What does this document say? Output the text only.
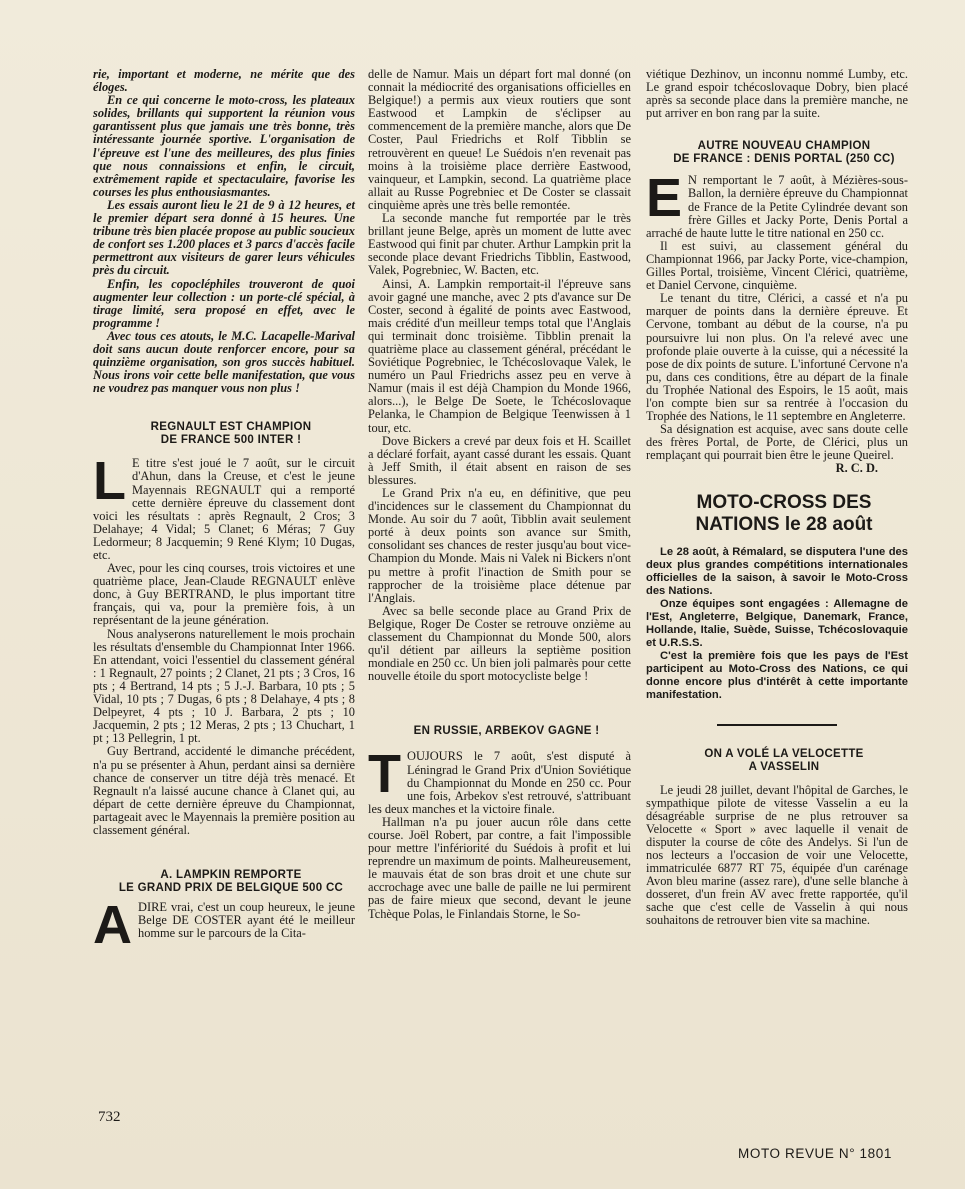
rie, important et moderne, ne mérite que des éloges.

En ce qui concerne le moto-cross, les plateaux solides, brillants qui supportent la réunion vous garantissent plus que jamais une très bonne, très intéressante journée sportive. L'organisation de l'épreuve est l'une des meilleures, des plus finies que nous connaissions et enfin, le circuit, extrêmement rapide et spectaculaire, favorise les courses les plus enthousiasmantes.

Les essais auront lieu le 21 de 9 à 12 heures, et le premier départ sera donné à 15 heures. Une tribune très bien placée propose au public soucieux de confort ses 1.200 places et 3 parcs d'accès facile permettront aux visiteurs de garer leurs véhicules près du circuit.

Enfin, les copocléphiles trouveront de quoi augmenter leur collection : un porte-clé spécial, à tirage limité, sera proposé en effet, avec le programme !

Avec tous ces atouts, le M.C. Lacapelle-Marival doit sans aucun doute renforcer encore, pour sa quinzième organisation, son gros succès habituel. Nous irons voir cette belle manifestation, que vous ne voudrez pas manquer vous non plus !

REGNAULT EST CHAMPION

DE FRANCE 500 INTER !

L E titre s'est joué le 7 août, sur le circuit d'Ahun, dans la Creuse, et c'est le jeune Mayennais REGNAULT qui a remporté cette dernière épreuve du classement dont voici les résultats : après Regnault, 2 Cros; 3 Delahaye; 4 Vidal; 5 Clanet; 6 Méras; 7 Guy Ledormeur; 8 Jacquemin; 9 René Klym; 10 Dugas, etc.

Avec, pour les cinq courses, trois victoires et une quatrième place, Jean-Claude REGNAULT enlève donc, à Guy BERTRAND, le plus important titre français, qui va, pour la première fois, à un représentant de la jeune génération.

Nous analyserons naturellement le mois prochain les résultats d'ensemble du Championnat Inter 1966. En attendant, voici l'essentiel du classement général : 1 Regnault, 27 points ; 2 Clanet, 21 pts ; 3 Cros, 16 pts ; 4 Bertrand, 14 pts ; 5 J.-J. Barbara, 10 pts ; 5 Vidal, 10 pts ; 7 Dugas, 6 pts ; 8 Delahaye, 4 pts ; 8 Delpeyret, 4 pts ; 10 J. Barbara, 2 pts ; 10 Jacquemin, 2 pts ; 12 Meras, 2 pts ; 13 Chuchart, 1 pt ; 13 Pellegrin, 1 pt.

Guy Bertrand, accidenté le dimanche précédent, n'a pu se présenter à Ahun, perdant ainsi sa dernière chance de conserver un titre déjà très menacé. Et Regnault n'a laissé aucune chance à Clanet qui, au départ de cette dernière épreuve du Championnat, partageait avec le Mayennais la première position au classement général.

A. LAMPKIN REMPORTE

LE GRAND PRIX DE BELGIQUE 500 CC

ADIRE vrai, c'est un coup heureux, le jeune Belge DE COSTER ayant été le meilleur homme sur le parcours de la Cita-

delle de Namur. Mais un départ fort mal donné (on connait la médiocrité des organisations officielles en Belgique!) a permis aux vieux routiers que sont Eastwood et Lampkin de s'éclipser au commencement de la première manche, alors que De Coster, Paul Friedrichs et Rolf Tibblin se retrouvèrent en queue! Le Suédois n'en revenait pas moins à la troisième place derrière Eastwood, vainqueur, et Lampkin, second. La quatrième place allait au Russe Pogrebniec et De Coster se classait cinquième après une très belle remontée.

La seconde manche fut remportée par le très brillant jeune Belge, après un moment de lutte avec Eastwood qui finit par chuter. Arthur Lampkin prit la seconde place devant Friedrichs Tibblin, Eastwood, Valek, Pogrebniec, W. Bacten, etc.

Ainsi, A. Lampkin remportait-il l'épreuve sans avoir gagné une manche, avec 2 pts d'avance sur De Coster, second à égalité de points avec Eastwood, mais crédité d'un meilleur temps total que l'Anglais qui terminait donc troisième. Tibblin prenait la quatrième place au classement général, précédant le Soviétique Pogrebniec, le Tchécoslovaque Valek, le numéro un Paul Friedrichs assez peu en verve à Namur (mais il est déjà Champion du Monde 1966, alors...), le Belge De Soete, le Tchécoslovaque Pelanka, le Champion de Belgique Teenwissen à 1 tour, etc.

Dove Bickers a crevé par deux fois et H. Scaillet a déclaré forfait, ayant cassé durant les essais. Quant à Jeff Smith, il était absent en raison de ses blessures.

Le Grand Prix n'a eu, en définitive, que peu d'incidences sur le classement du Championnat du Monde. Au soir du 7 août, Tibblin avait seulement porté à deux points son avance sur Smith, consolidant ses chances de rester jusqu'au bout vice-Champion du Monde. Mais ni Valek ni Bickers n'ont pu mettre à profit l'inaction de Smith pour se rapprocher de la troisième place détenue par l'Anglais.

Avec sa belle seconde place au Grand Prix de Belgique, Roger De Coster se retrouve onzième au classement du Championnat du Monde 500, alors qu'il détient par ailleurs la septième position mondiale en 250 cc. Un bien joli palmarès pour cette nouvelle étoile du sport motocycliste belge !

EN RUSSIE, ARBEKOV GAGNE !

TOUJOURS le 7 août, s'est disputé à Léningrad le Grand Prix d'Union Soviétique du Championnat du Monde en 250 cc. Pour une fois, Arbekov s'est retrouvé, s'attribuant les deux manches et la victoire finale.

Hallman n'a pu jouer aucun rôle dans cette course. Joël Robert, par contre, a fait l'impossible pour mettre l'infériorité du Suédois à profit et lui reprendre un maximum de points. Malheureusement, le mauvais état de son bras droit et une chute sur accrochage avec une balle de paille ne lui permirent pas de faire mieux que second, devant le jeune Tchèque Polas, le Finlandais Storne, le So-

viétique Dezhinov, un inconnu nommé Lumby, etc. Le grand espoir tchécoslovaque Dobry, bien placé après sa seconde place dans la première manche, ne put arriver en bon rang par la suite.

AUTRE NOUVEAU CHAMPION

DE FRANCE : DENIS PORTAL (250 CC)

E N remportant le 7 août, à Mézières-sous-Ballon, la dernière épreuve du Championnat de France de la Petite Cylindrée devant son frère Gilles et Jacky Porte, Denis Portal a arraché de haute lutte le titre national en 250 cc.

Il est suivi, au classement général du Championnat 1966, par Jacky Porte, vice-champion, Gilles Portal, troisième, Vincent Clérici, quatrième, et Daniel Cervone, cinquième.

Le tenant du titre, Clérici, a cassé et n'a pu marquer de points dans la dernière épreuve. Et Cervone, tombant au début de la course, n'a pu poursuivre lui non plus. On l'a relevé avec une profonde plaie ouverte à la cuisse, qui a nécessité la pose de dix points de suture. L'infortuné Cervone n'a pu, dans ces conditions, être au départ de la finale du Trophée National des Espoirs, le 15 août, mais l'on compte bien sur sa rentrée à l'occasion du Trophée des Nations, le 11 septembre en Angleterre.

Sa désignation est acquise, avec sans doute celle des frères Portal, de Porte, de Clérici, plus un remplaçant qui pourrait bien être le jeune Queirel.

R. C. D.

MOTO-CROSS DES

NATIONS le 28 août

Le 28 août, à Rémalard, se disputera l'une des deux plus grandes compétitions internationales officielles de la saison, à savoir le Moto-Cross des Nations.

Onze équipes sont engagées : Allemagne de l'Est, Angleterre, Belgique, Danemark, France, Hollande, Italie, Suède, Suisse, Tchécoslovaquie et U.R.S.S.

C'est la première fois que les pays de l'Est participent au Moto-Cross des Nations, ce qui donne encore plus d'intérêt à cette importante manifestation.

ON A VOLÉ LA VELOCETTE

A VASSELIN

Le jeudi 28 juillet, devant l'hôpital de Garches, le sympathique pilote de vitesse Vasselin a eu la désagréable surprise de ne plus retrouver sa Velocette « Sport » avec laquelle il venait de disputer la course de côte des Andelys. Si l'un de nos lecteurs a l'occasion de voir une Velocette, immatriculée 6877 RT 75, équipée d'un carénage Avon bleu marine (assez rare), d'une selle blanche à dosseret, d'un frein AV avec frette rapportée, qu'il sache que c'est celle de Vasselin à qui nous souhaitons de retrouver bien vite sa machine.

732
MOTO REVUE N° 1801
